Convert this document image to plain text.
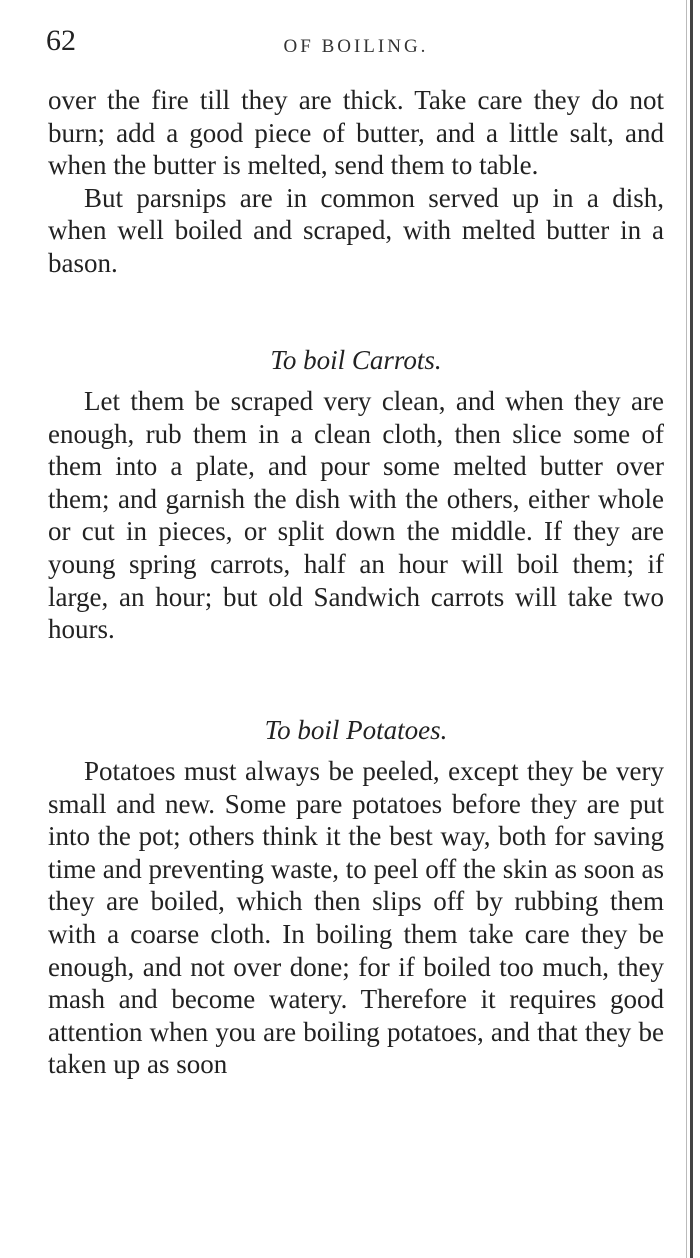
62	OF BOILING.

over the fire till they are thick. Take care they do not burn; add a good piece of butter, and a little salt, and when the butter is melted, send them to table.

But parsnips are in common served up in a dish, when well boiled and scraped, with melted butter in a bason.

To boil Carrots.

Let them be scraped very clean, and when they are enough, rub them in a clean cloth, then slice some of them into a plate, and pour some melted butter over them; and garnish the dish with the others, either whole or cut in pieces, or split down the middle. If they are young spring carrots, half an hour will boil them; if large, an hour; but old Sandwich carrots will take two hours.

To boil Potatoes.

Potatoes must always be peeled, except they be very small and new. Some pare potatoes before they are put into the pot; others think it the best way, both for saving time and preventing waste, to peel off the skin as soon as they are boiled, which then slips off by rubbing them with a coarse cloth. In boiling them take care they be enough, and not over done; for if boiled too much, they mash and become watery. Therefore it requires good attention when you are boiling potatoes, and that they be taken up as soon
